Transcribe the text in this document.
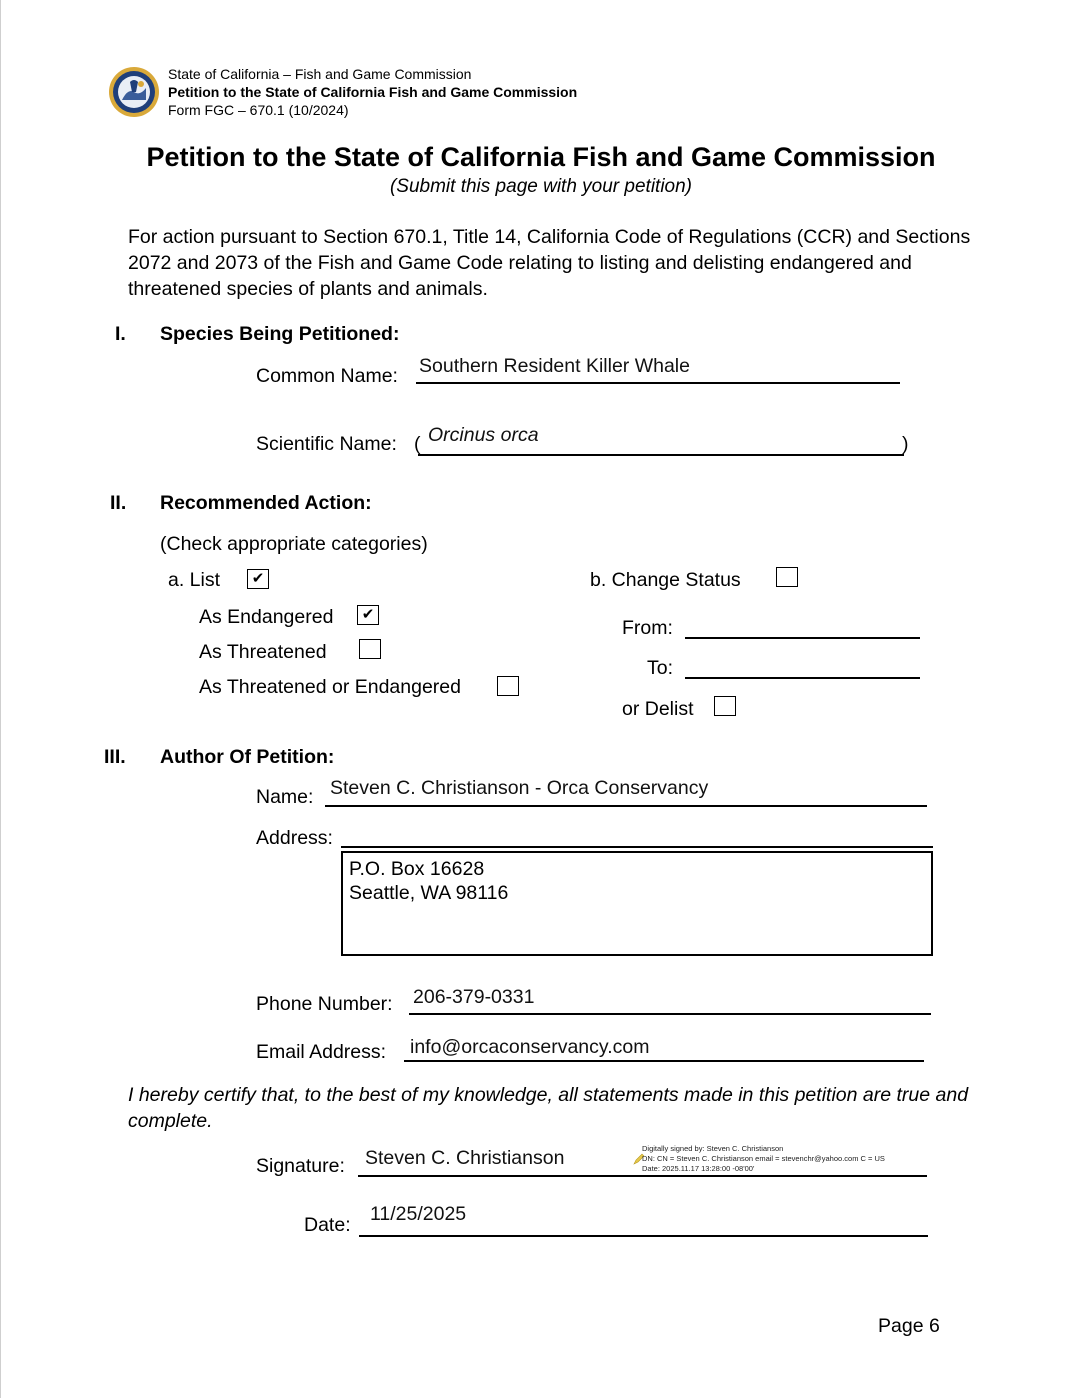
State of California – Fish and Game Commission
Petition to the State of California Fish and Game Commission
Form FGC – 670.1 (10/2024)
Petition to the State of California Fish and Game Commission
(Submit this page with your petition)
For action pursuant to Section 670.1, Title 14, California Code of Regulations (CCR) and Sections 2072 and 2073 of the Fish and Game Code relating to listing and delisting endangered and threatened species of plants and animals.
I. Species Being Petitioned:
Common Name: Southern Resident Killer Whale
Scientific Name: ( Orcinus orca	)
II. Recommended Action:
(Check appropriate categories)
a. List	✔
As Endangered	✔
As Threatened
As Threatened or Endangered
b. Change Status
From:
To:
or Delist
III. Author Of Petition:
Name: Steven C. Christianson - Orca Conservancy
Address:
P.O. Box 16628
Seattle, WA 98116
Phone Number: 206-379-0331
Email Address: info@orcaconservancy.com
I hereby certify that, to the best of my knowledge, all statements made in this petition are true and complete.
Signature: Steven C. Christianson	Digitally signed by: Steven C. Christianson
DN: CN = Steven C. Christianson email = stevenchr@yahoo.com C = US
Date: 2025.11.17 13:28:00 -08'00'
Date: 11/25/2025
Page 6
